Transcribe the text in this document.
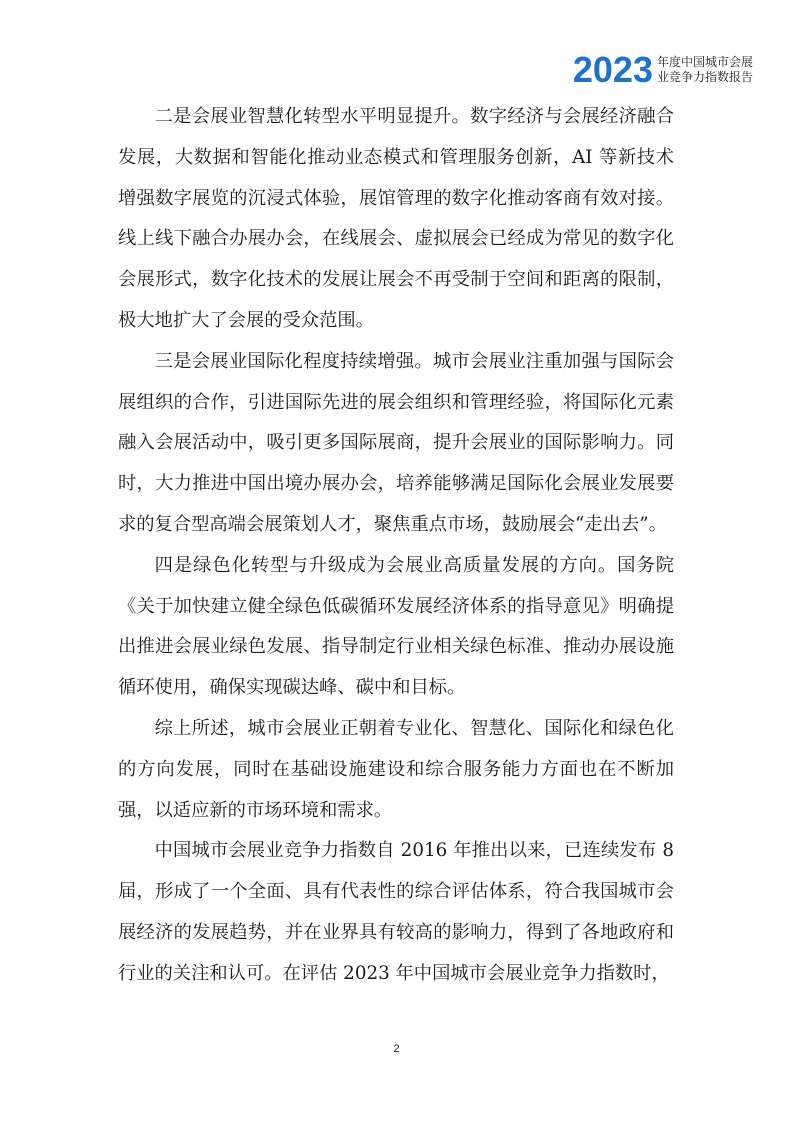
2023 年度中国城市会展
业竞争力指数报告

二是会展业智慧化转型水平明显提升。数字经济与会展经济融合发展，大数据和智能化推动业态模式和管理服务创新，AI 等新技术增强数字展览的沉浸式体验，展馆管理的数字化推动客商有效对接。线上线下融合办展办会，在线展会、虚拟展会已经成为常见的数字化会展形式，数字化技术的发展让展会不再受制于空间和距离的限制，极大地扩大了会展的受众范围。

三是会展业国际化程度持续增强。城市会展业注重加强与国际会展组织的合作，引进国际先进的展会组织和管理经验，将国际化元素融入会展活动中，吸引更多国际展商，提升会展业的国际影响力。同时，大力推进中国出境办展办会，培养能够满足国际化会展业发展要求的复合型高端会展策划人才，聚焦重点市场，鼓励展会“走出去”。

四是绿色化转型与升级成为会展业高质量发展的方向。国务院《关于加快建立健全绿色低碳循环发展经济体系的指导意见》明确提出推进会展业绿色发展、指导制定行业相关绿色标准、推动办展设施循环使用，确保实现碳达峰、碳中和目标。

综上所述，城市会展业正朝着专业化、智慧化、国际化和绿色化的方向发展，同时在基础设施建设和综合服务能力方面也在不断加强，以适应新的市场环境和需求。

中国城市会展业竞争力指数自 2016 年推出以来，已连续发布 8 届，形成了一个全面、具有代表性的综合评估体系，符合我国城市会展经济的发展趋势，并在业界具有较高的影响力，得到了各地政府和行业的关注和认可。在评估 2023 年中国城市会展业竞争力指数时，

2
